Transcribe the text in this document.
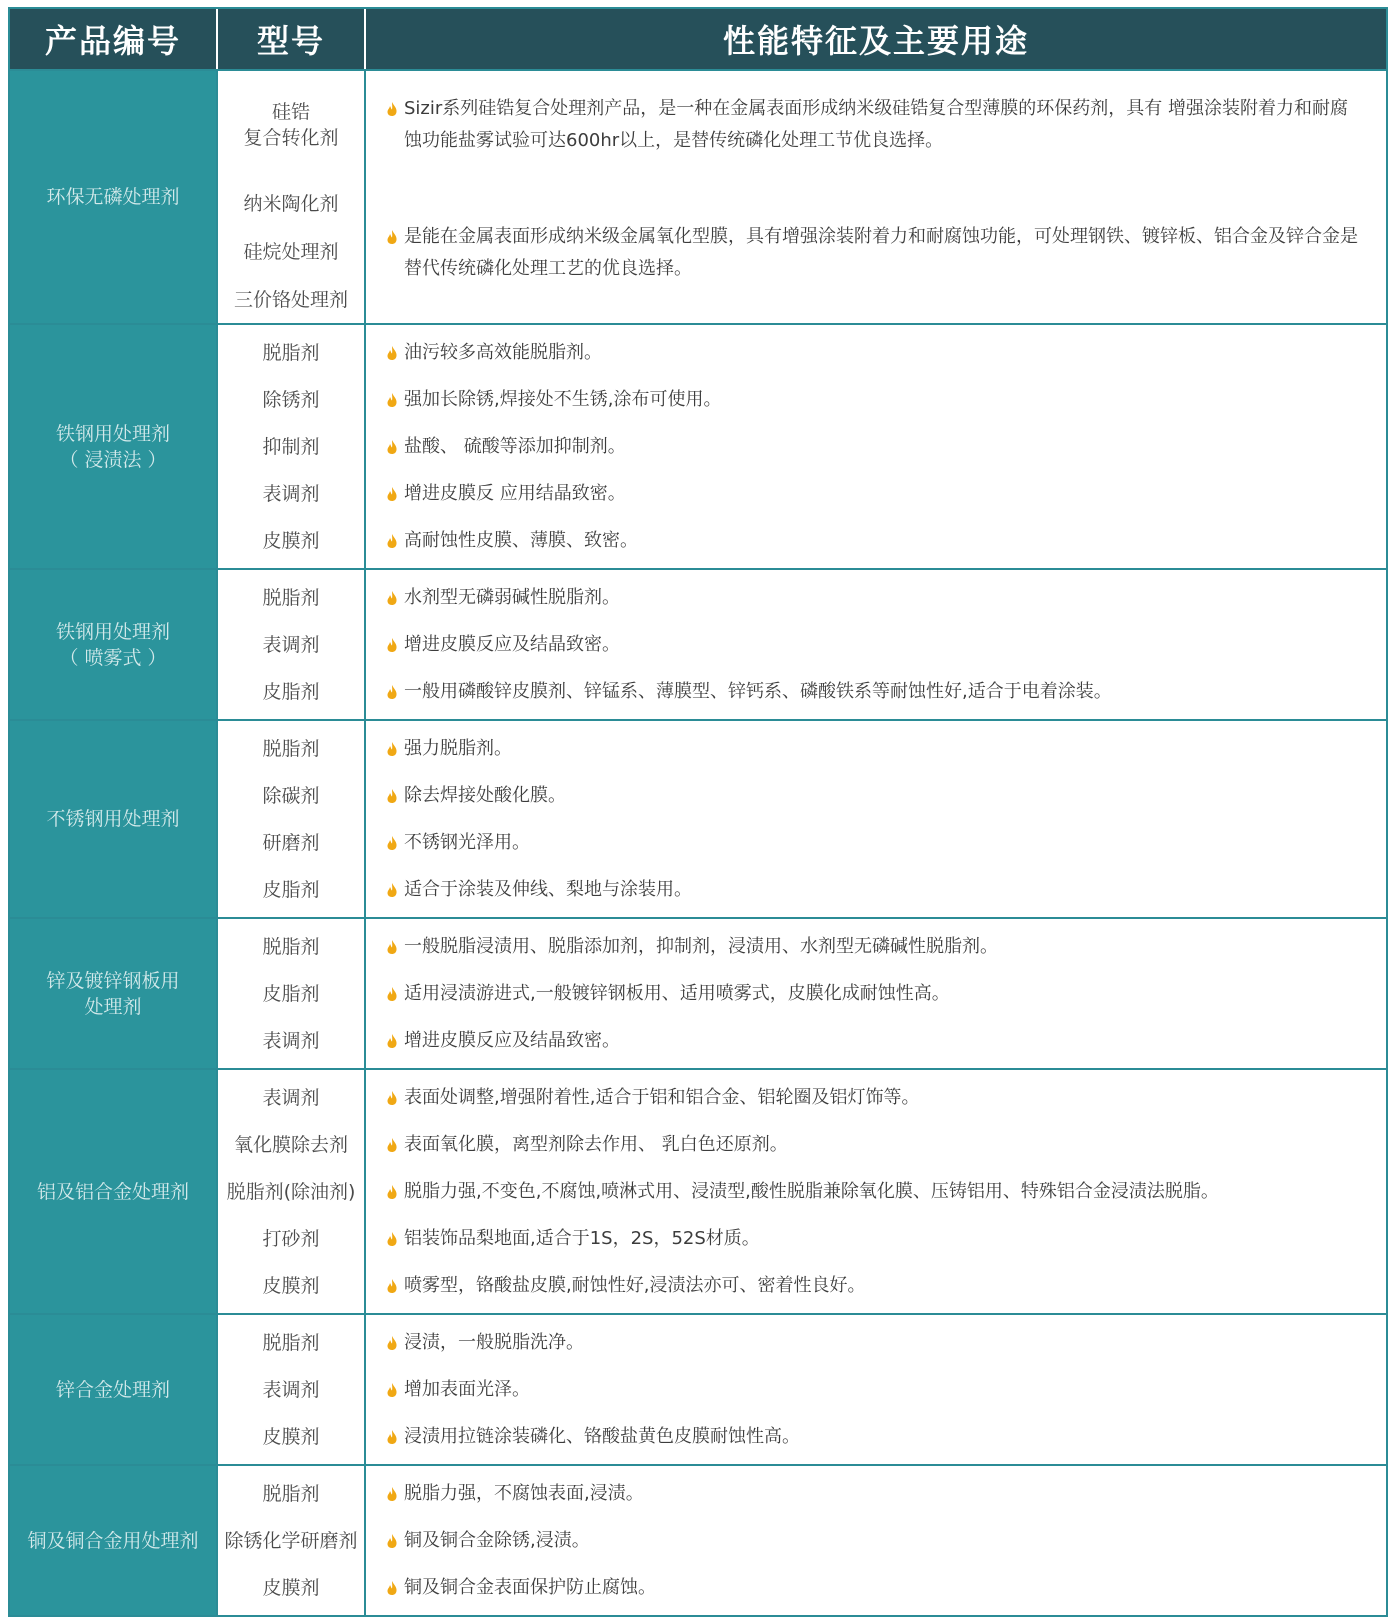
产品编号	型号	性能特征及主要用途
环保无磷处理剂
硅锆
复合转化剂
纳米陶化剂
硅烷处理剂
三价铬处理剂
Sizir系列硅锆复合处理剂产品，是一种在金属表面形成纳米级硅锆复合型薄膜的环保药剂，具有 增强涂装附着力和耐腐蚀功能盐雾试验可达600hr以上，是替传统磷化处理工节优良选择。
是能在金属表面形成纳米级金属氧化型膜，具有增强涂装附着力和耐腐蚀功能，可处理钢铁、镀锌板、铝合金及锌合金是替代传统磷化处理工艺的优良选择。
铁钢用处理剂
（ 浸渍法 ）
脱脂剂
除锈剂
抑制剂
表调剂
皮膜剂
油污较多高效能脱脂剂。
强加长除锈,焊接处不生锈,涂布可使用。
盐酸、 硫酸等添加抑制剂。
增进皮膜反 应用结晶致密。
高耐蚀性皮膜、薄膜、致密。
铁钢用处理剂
（ 喷雾式 ）
脱脂剂
表调剂
皮脂剂
水剂型无磷弱碱性脱脂剂。
增进皮膜反应及结晶致密。
一般用磷酸锌皮膜剂、锌锰系、薄膜型、锌钙系、磷酸铁系等耐蚀性好,适合于电着涂装。
不锈钢用处理剂
脱脂剂
除碳剂
研磨剂
皮脂剂
强力脱脂剂。
除去焊接处酸化膜。
不锈钢光泽用。
适合于涂装及伸线、梨地与涂装用。
锌及镀锌钢板用
处理剂
脱脂剂
皮脂剂
表调剂
一般脱脂浸渍用、脱脂添加剂，抑制剂，浸渍用、水剂型无磷碱性脱脂剂。
适用浸渍游进式,一般镀锌钢板用、适用喷雾式，皮膜化成耐蚀性高。
增进皮膜反应及结晶致密。
铝及铝合金处理剂
表调剂
氧化膜除去剂
脱脂剂(除油剂)
打砂剂
皮膜剂
表面处调整,增强附着性,适合于铝和铝合金、铝轮圈及铝灯饰等。
表面氧化膜，离型剂除去作用、 乳白色还原剂。
脱脂力强,不变色,不腐蚀,喷淋式用、浸渍型,酸性脱脂兼除氧化膜、压铸铝用、特殊铝合金浸渍法脱脂。
铝装饰品梨地面,适合于1S，2S，52S材质。
喷雾型，铬酸盐皮膜,耐蚀性好,浸渍法亦可、密着性良好。
锌合金处理剂
脱脂剂
表调剂
皮膜剂
浸渍，一般脱脂洗净。
增加表面光泽。
浸渍用拉链涂装磷化、铬酸盐黄色皮膜耐蚀性高。
铜及铜合金用处理剂
脱脂剂
除锈化学研磨剂
皮膜剂
脱脂力强，不腐蚀表面,浸渍。
铜及铜合金除锈,浸渍。
铜及铜合金表面保护防止腐蚀。
